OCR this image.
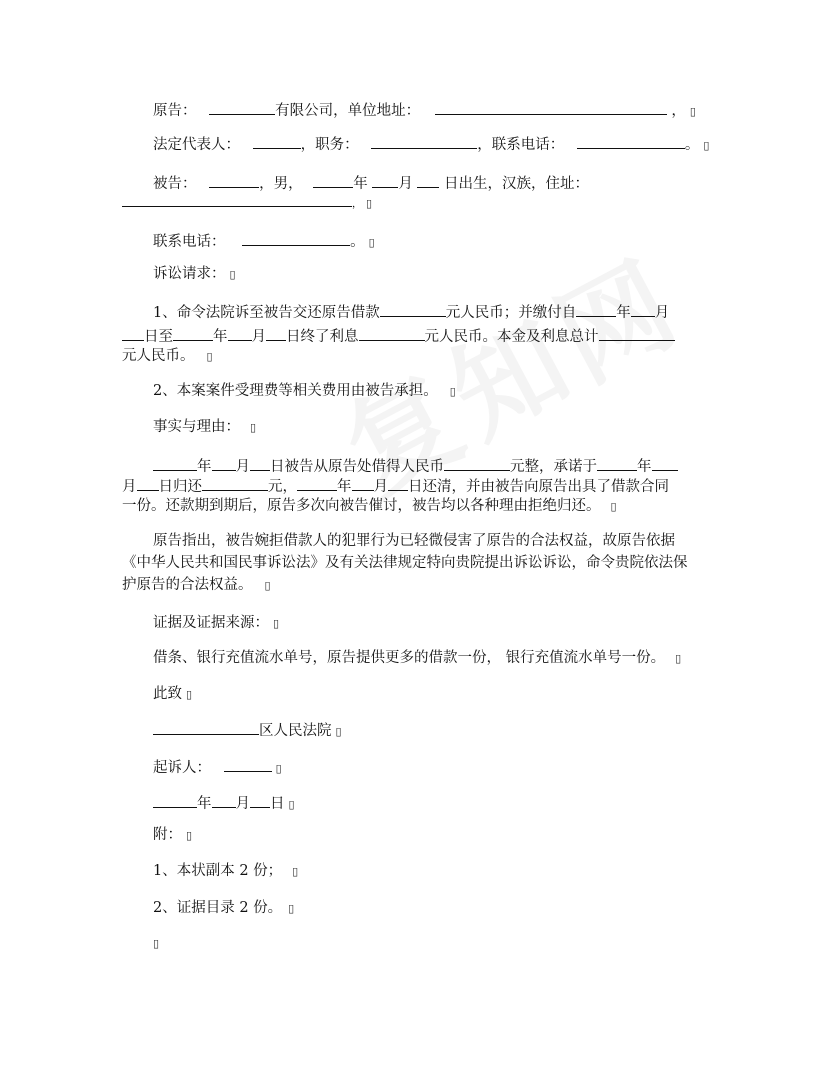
原告：	有限公司，单位地址：	， ▯
法定代表人：	，职务：	，联系电话：	。 ▯
被告：	，男，	年 月 日出生，汉族，住址：
， ▯
联系电话：	。 ▯
诉讼请求： ▯
1、命令法院诉至被告交还原告借款	元人民币；并缴付自	年 月
日至	年 月 日终了利息	元人民币。本金及利息总计
元人民币。 ▯
2、本案案件受理费等相关费用由被告承担。 ▯
事实与理由： ▯
年 月 日被告从原告处借得人民币	元整，承诺于	年
月 日归还	元，	年 月 日还清，并由被告向原告出具了借款合同
一份。还款期到期后，原告多次向被告催讨，被告均以各种理由拒绝归还。 ▯
原告指出，被告婉拒借款人的犯罪行为已轻微侵害了原告的合法权益，故原告依据
《中华人民共和国民事诉讼法》及有关法律规定特向贵院提出诉讼诉讼，命令贵院依法保
护原告的合法权益。 ▯
证据及证据来源： ▯
借条、银行充值流水单号，原告提供更多的借款一份， 银行充值流水单号一份。 ▯
此致 ▯
区人民法院 ▯
起诉人：	▯
年 月 日 ▯
附： ▯
1、本状副本 2 份； ▯
2、证据目录 2 份。 ▯
▯
